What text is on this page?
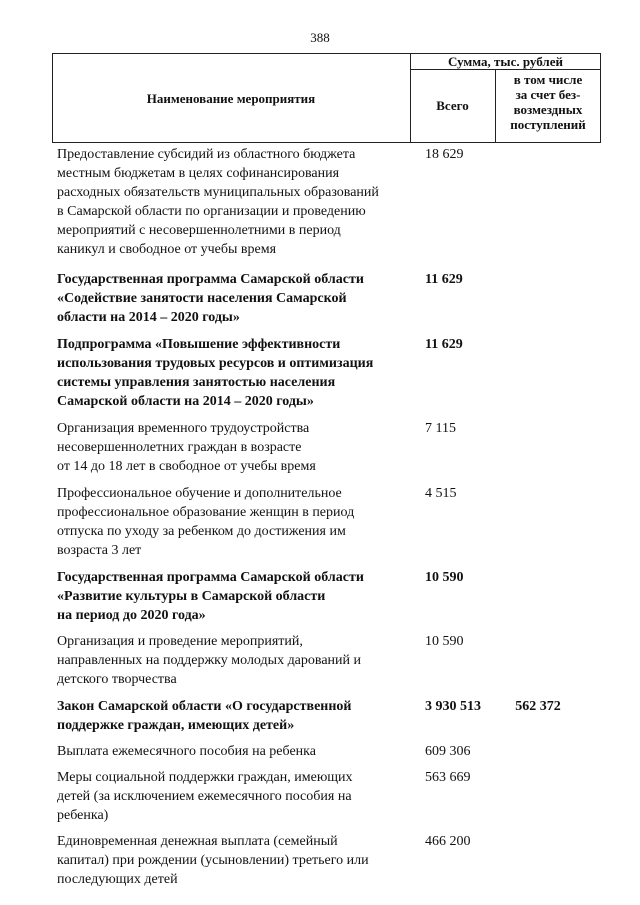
388
Наименование мероприятия
Сумма, тыс. рублей
Всего
в том числе
за счет без-
возмездных
поступлений
Предоставление субсидий из областного бюджета
местным бюджетам в целях софинансирования
расходных обязательств муниципальных образований
в Самарской области по организации и проведению
мероприятий с несовершеннолетними в период
каникул и свободное от учебы время
18 629
Государственная программа Самарской области
«Содействие занятости населения Самарской
области на 2014 – 2020 годы»
11 629
Подпрограмма «Повышение эффективности
использования трудовых ресурсов и оптимизация
системы управления занятостью населения
Самарской области на 2014 – 2020 годы»
11 629
Организация временного трудоустройства
несовершеннолетних граждан в возрасте
от 14 до 18 лет в свободное от учебы время
7 115
Профессиональное обучение и дополнительное
профессиональное образование женщин в период
отпуска по уходу за ребенком до достижения им
возраста 3 лет
4 515
Государственная программа Самарской области
«Развитие культуры в Самарской области
на период до 2020 года»
10 590
Организация и проведение мероприятий,
направленных на поддержку молодых дарований и
детского творчества
10 590
Закон Самарской области «О государственной
поддержке граждан, имеющих детей»
3 930 513	562 372
Выплата ежемесячного пособия на ребенка	609 306
Меры социальной поддержки граждан, имеющих
детей (за исключением ежемесячного пособия на
ребенка)
563 669
Единовременная денежная выплата (семейный
капитал) при рождении (усыновлении) третьего или
последующих детей
466 200
